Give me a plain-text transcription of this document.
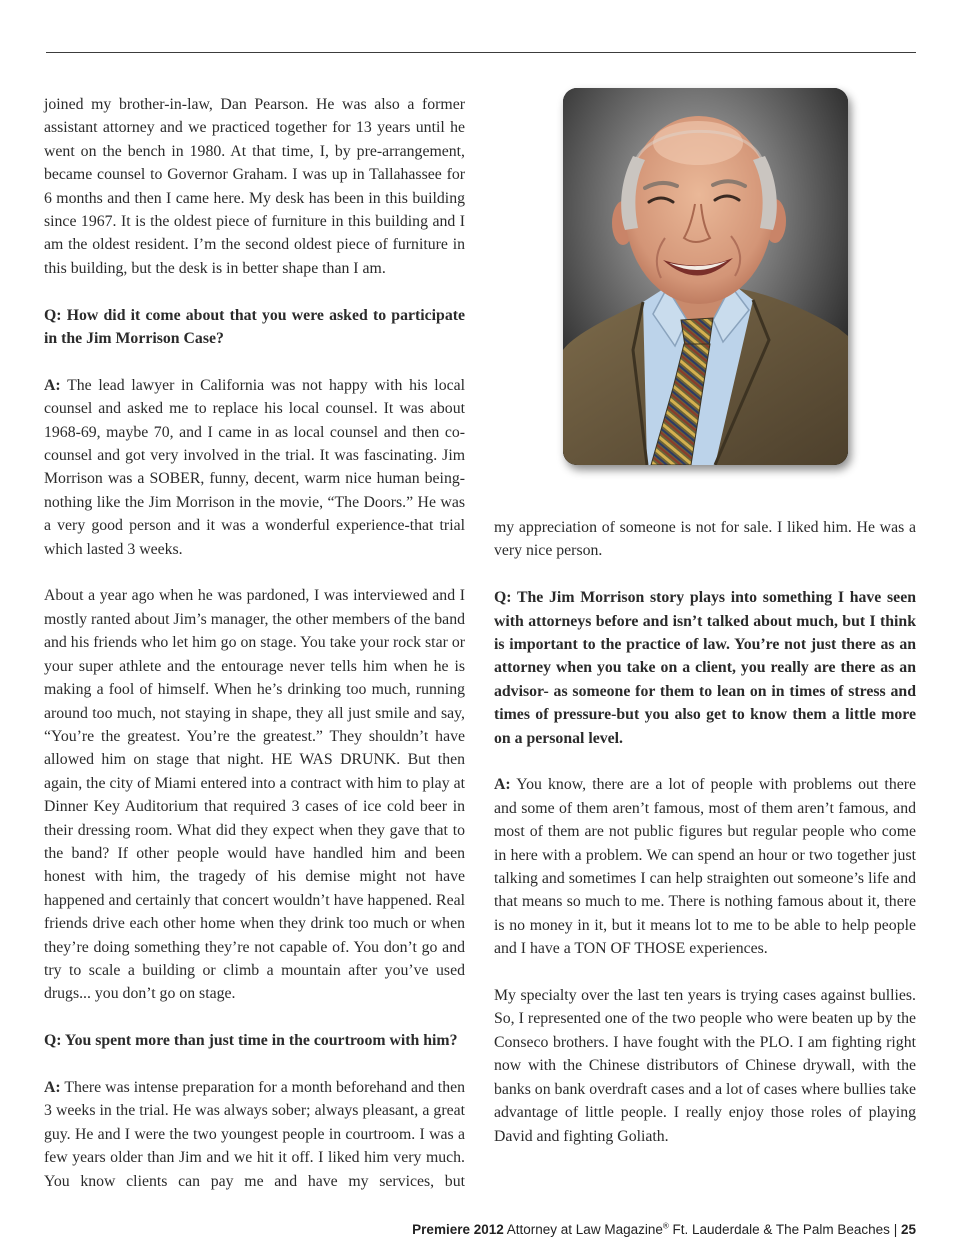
joined my brother-in-law, Dan Pearson. He was also a former assistant attorney and we practiced together for 13 years until he went on the bench in 1980. At that time, I, by pre-arrangement, became counsel to Governor Graham. I was up in Tallahassee for 6 months and then I came here. My desk has been in this building since 1967. It is the oldest piece of furniture in this building and I am the oldest resident. I’m the second oldest piece of furniture in this building, but the desk is in better shape than I am.

Q: How did it come about that you were asked to participate in the Jim Morrison Case?

A: The lead lawyer in California was not happy with his local counsel and asked me to replace his local counsel. It was about 1968-69, maybe 70, and I came in as local counsel and then co-counsel and got very involved in the trial. It was fascinating. Jim Morrison was a SOBER, funny, decent, warm nice human being-nothing like the Jim Morrison in the movie, “The Doors.” He was a very good person and it was a wonderful experience-that trial which lasted 3 weeks.

About a year ago when he was pardoned, I was interviewed and I mostly ranted about Jim’s manager, the other members of the band and his friends who let him go on stage. You take your rock star or your super athlete and the entourage never tells him when he is making a fool of himself. When he’s drinking too much, running around too much, not staying in shape, they all just smile and say, “You’re the greatest. You’re the greatest.” They shouldn’t have allowed him on stage that night. HE WAS DRUNK. But then again, the city of Miami entered into a contract with him to play at Dinner Key Auditorium that required 3 cases of ice cold beer in their dressing room. What did they expect when they gave that to the band? If other people would have handled him and been honest with him, the tragedy of his demise might not have happened and certainly that concert wouldn’t have happened. Real friends drive each other home when they drink too much or when they’re doing something they’re not capable of. You don’t go and try to scale a building or climb a mountain after you’ve used drugs... you don’t go on stage.

Q: You spent more than just time in the courtroom with him?

A: There was intense preparation for a month beforehand and then 3 weeks in the trial. He was always sober; always pleasant, a great guy. He and I were the two youngest people in courtroom. I was a few years older than Jim and we hit it off. I liked him very much. You know clients can pay me and have my services, but

my appreciation of someone is not for sale. I liked him. He was a very nice person.

Q: The Jim Morrison story plays into something I have seen with attorneys before and isn’t talked about much, but I think is important to the practice of law. You’re not just there as an attorney when you take on a client, you really are there as an advisor- as someone for them to lean on in times of stress and times of pressure-but you also get to know them a little more on a personal level.

A: You know, there are a lot of people with problems out there and some of them aren’t famous, most of them aren’t famous, and most of them are not public figures but regular people who come in here with a problem. We can spend an hour or two together just talking and sometimes I can help straighten out someone’s life and that means so much to me. There is nothing famous about it, there is no money in it, but it means lot to me to be able to help people and I have a TON OF THOSE experiences.

My specialty over the last ten years is trying cases against bullies. So, I represented one of the two people who were beaten up by the Conseco brothers. I have fought with the PLO. I am fighting right now with the Chinese distributors of Chinese drywall, with the banks on bank overdraft cases and a lot of cases where bullies take advantage of little people. I really enjoy those roles of playing David and fighting Goliath.

Premiere 2012 Attorney at Law Magazine® Ft. Lauderdale & The Palm Beaches | 25
